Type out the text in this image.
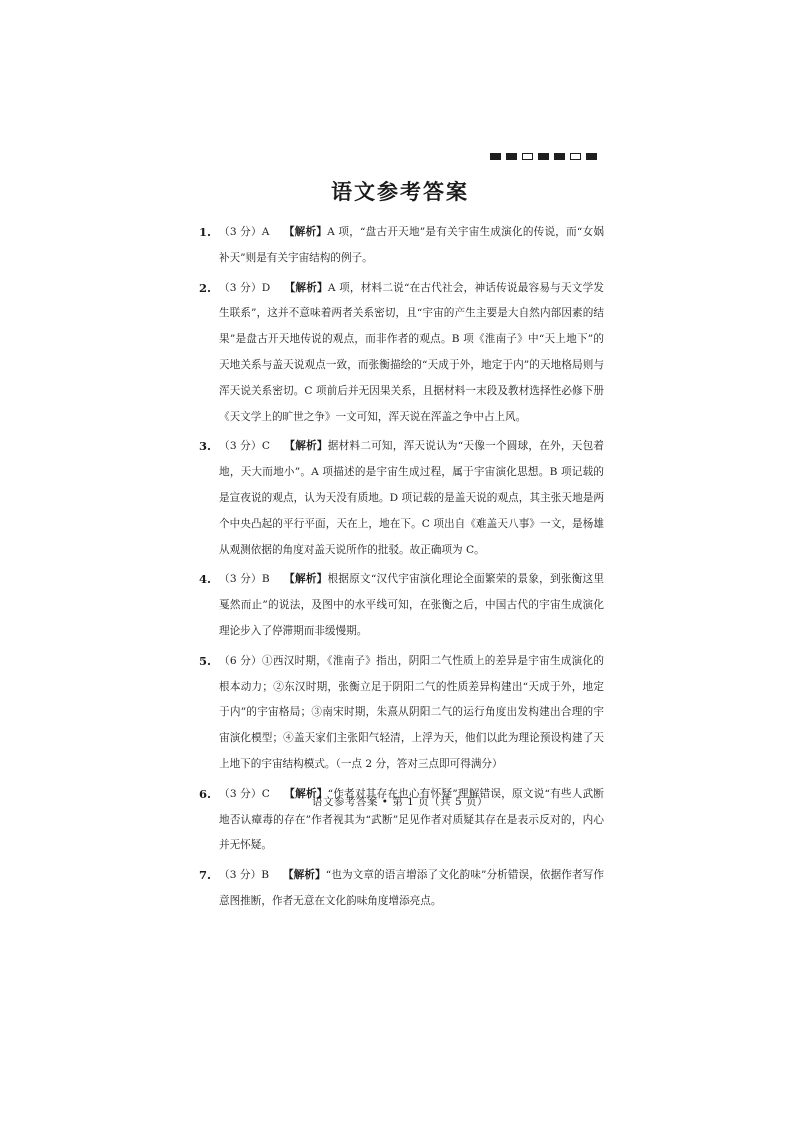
语文参考答案
1. （3 分）A 【解析】A 项，“盘古开天地”是有关宇宙生成演化的传说，而“女娲补天”则是有关宇宙结构的例子。
2. （3 分）D 【解析】A 项，材料二说“在古代社会，神话传说最容易与天文学发生联系”，这并不意味着两者关系密切，且“宇宙的产生主要是大自然内部因素的结果”是盘古开天地传说的观点，而非作者的观点。B 项《淮南子》中“天上地下”的天地关系与盖天说观点一致，而张衡描绘的“天成于外，地定于内”的天地格局则与浑天说关系密切。C 项前后并无因果关系，且据材料一末段及教材选择性必修下册《天文学上的旷世之争》一文可知，浑天说在浑盖之争中占上风。
3. （3 分）C 【解析】据材料二可知，浑天说认为“天像一个圆球，在外，天包着地，天大而地小”。A 项描述的是宇宙生成过程，属于宇宙演化思想。B 项记载的是宣夜说的观点，认为天没有质地。D 项记载的是盖天说的观点，其主张天地是两个中央凸起的平行平面，天在上，地在下。C 项出自《难盖天八事》一文，是杨雄从观测依据的角度对盖天说所作的批驳。故正确项为 C。
4. （3 分）B 【解析】根据原文“汉代宇宙演化理论全面繁荣的景象，到张衡这里戛然而止”的说法，及图中的水平线可知，在张衡之后，中国古代的宇宙生成演化理论步入了停滞期而非缓慢期。
5. （6 分）①西汉时期，《淮南子》指出，阴阳二气性质上的差异是宇宙生成演化的根本动力；②东汉时期，张衡立足于阴阳二气的性质差异构建出“天成于外，地定于内”的宇宙格局；③南宋时期，朱熹从阴阳二气的运行角度出发构建出合理的宇宙演化模型；④盖天家们主张阳气轻清，上浮为天，他们以此为理论预设构建了天上地下的宇宙结构模式。（一点 2 分，答对三点即可得满分）
6. （3 分）C 【解析】“作者对其存在也心有怀疑”理解错误，原文说“有些人武断地否认瘴毒的存在”作者视其为“武断”足见作者对质疑其存在是表示反对的，内心并无怀疑。
7. （3 分）B 【解析】“也为文章的语言增添了文化韵味”分析错误，依据作者写作意图推断，作者无意在文化韵味角度增添亮点。
语文参考答案 • 第 1 页（共 5 页）
